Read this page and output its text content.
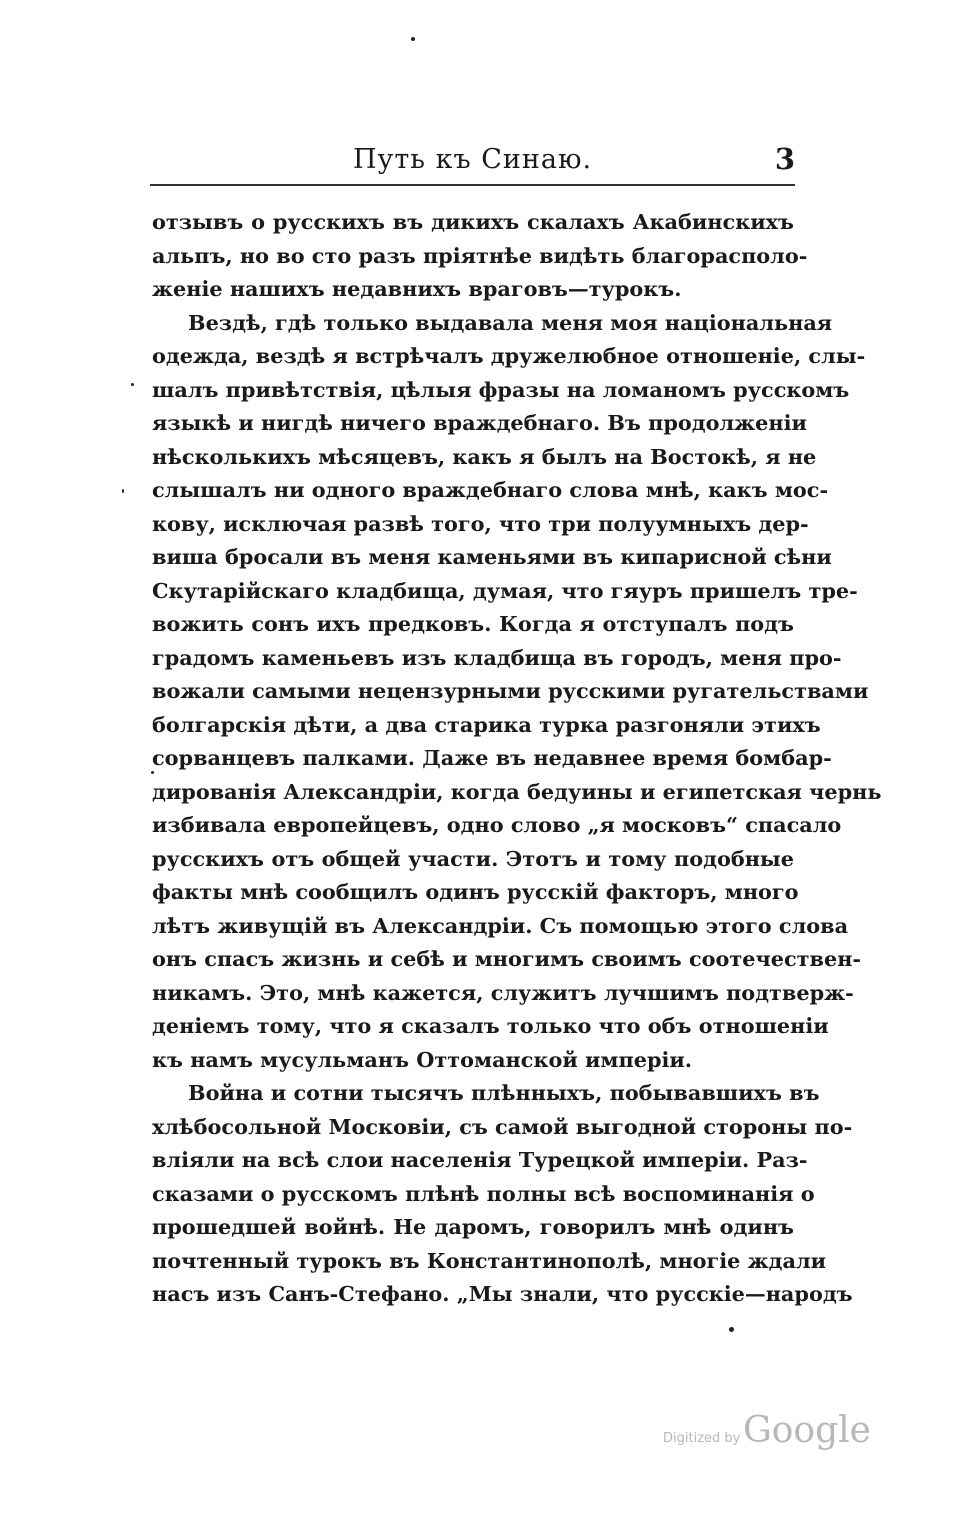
Путь къ Синаю.	3
отзывъ о русскихъ въ дикихъ скалахъ Акабинскихъ
альпъ, но во сто разъ пріятнѣе видѣть благорасполо-
женіе нашихъ недавнихъ враговъ—турокъ.
Вездѣ, гдѣ только выдавала меня моя національная
одежда, вездѣ я встрѣчалъ дружелюбное отношеніе, слы-
шалъ привѣтствія, цѣлыя фразы на ломаномъ русскомъ
языкѣ и нигдѣ ничего враждебнаго. Въ продолженіи
нѣсколькихъ мѣсяцевъ, какъ я былъ на Востокѣ, я не
слышалъ ни одного враждебнаго слова мнѣ, какъ мос-
кову, исключая развѣ того, что три полуумныхъ дер-
виша бросали въ меня каменьями въ кипарисной сѣни
Скутарійскаго кладбища, думая, что гяуръ пришелъ тре-
вожить сонъ ихъ предковъ. Когда я отступалъ подъ
градомъ каменьевъ изъ кладбища въ городъ, меня про-
вожали самыми нецензурными русскими ругательствами
болгарскія дѣти, а два старика турка разгоняли этихъ
сорванцевъ палками. Даже въ недавнее время бомбар-
дированія Александріи, когда бедуины и египетская чернь
избивала европейцевъ, одно слово „я московъ“ спасало
русскихъ отъ общей участи. Этотъ и тому подобные
факты мнѣ сообщилъ одинъ русскій факторъ, много
лѣтъ живущій въ Александріи. Съ помощью этого слова
онъ спасъ жизнь и себѣ и многимъ своимъ соотечествен-
никамъ. Это, мнѣ кажется, служитъ лучшимъ подтверж-
деніемъ тому, что я сказалъ только что объ отношеніи
къ намъ мусульманъ Оттоманской имперіи.
Война и сотни тысячъ плѣнныхъ, побывавшихъ въ
хлѣбосольной Московіи, съ самой выгодной стороны по-
вліяли на всѣ слои населенія Турецкой имперіи. Раз-
сказами о русскомъ плѣнѣ полны всѣ воспоминанія о
прошедшей войнѣ. Не даромъ, говорилъ мнѣ одинъ
почтенный турокъ въ Константинополѣ, многіе ждали
насъ изъ Санъ-Стефано. „Мы знали, что русскіе—народъ
Digitized by Google
